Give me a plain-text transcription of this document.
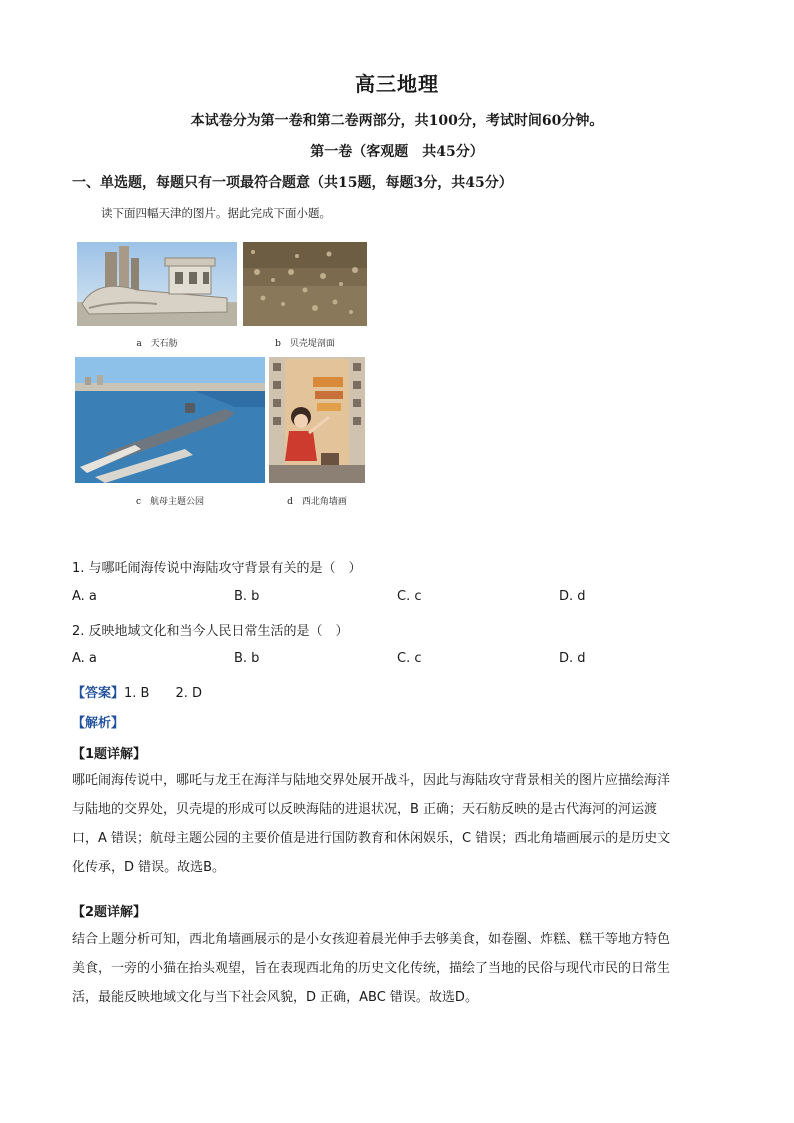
高三地理
本试卷分为第一卷和第二卷两部分，共100分，考试时间60分钟。
第一卷（客观题　共45分）
一、单选题，每题只有一项最符合题意（共15题，每题3分，共45分）
读下面四幅天津的图片。据此完成下面小题。
a　天石舫	b　贝壳堤剖面
c　航母主题公园	d　西北角墙画
1. 与哪吒闹海传说中海陆攻守背景有关的是（　）
A. a	B. b	C. c	D. d
2. 反映地域文化和当今人民日常生活的是（　）
A. a	B. b	C. c	D. d
【答案】1. B　　2. D
【解析】
【1题详解】
哪吒闹海传说中，哪吒与龙王在海洋与陆地交界处展开战斗，因此与海陆攻守背景相关的图片应描绘海洋
与陆地的交界处，贝壳堤的形成可以反映海陆的进退状况，B 正确；天石舫反映的是古代海河的河运渡
口，A 错误；航母主题公园的主要价值是进行国防教育和休闲娱乐，C 错误；西北角墙画展示的是历史文
化传承，D 错误。故选B。
【2题详解】
结合上题分析可知，西北角墙画展示的是小女孩迎着晨光伸手去够美食，如卷圈、炸糕、糕干等地方特色
美食，一旁的小猫在抬头观望，旨在表现西北角的历史文化传统，描绘了当地的民俗与现代市民的日常生
活，最能反映地域文化与当下社会风貌，D 正确，ABC 错误。故选D。
